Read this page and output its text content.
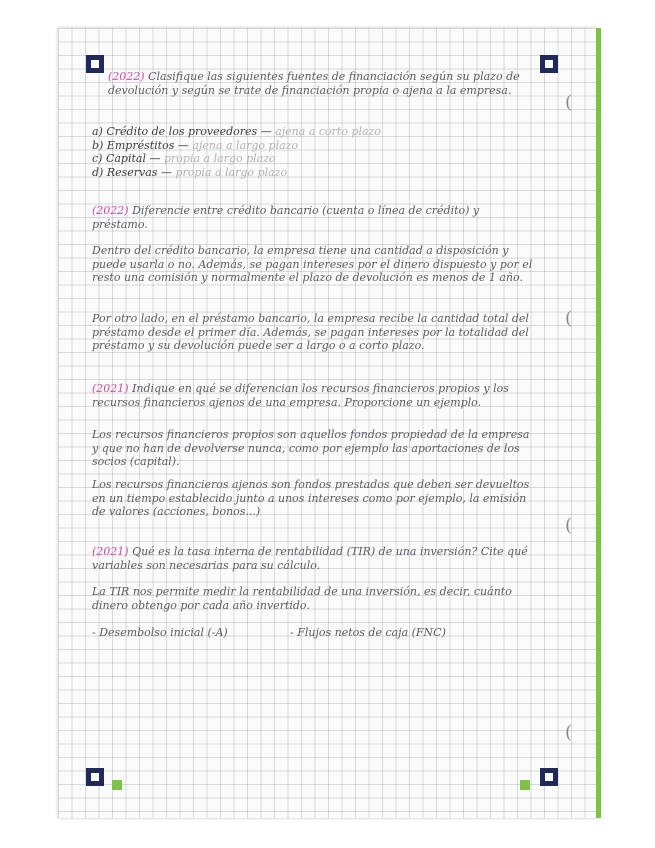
(
(
(
(
(2022) Clasifique las siguientes fuentes de financiación según su plazo de devolución y según se trate de financiación propia o ajena a la empresa.
a) Crédito de los proveedores — ajena a corto plazo
b) Empréstitos — ajena a largo plazo
c) Capital — propia a largo plazo
d) Reservas — propia a largo plazo
(2022) Diferencie entre crédito bancario (cuenta o línea de crédito) y préstamo.
Dentro del crédito bancario, la empresa tiene una cantidad a disposición y puede usarla o no. Además, se pagan intereses por el dinero dispuesto y por el resto una comisión y normalmente el plazo de devolución es menos de 1 año.
Por otro lado, en el préstamo bancario, la empresa recibe la cantidad total del préstamo desde el primer día. Además, se pagan intereses por la totalidad del préstamo y su devolución puede ser a largo o a corto plazo.
(2021) Indique en qué se diferencian los recursos financieros propios y los recursos financieros ajenos de una empresa. Proporcione un ejemplo.
Los recursos financieros propios son aquellos fondos propiedad de la empresa y que no han de devolverse nunca, como por ejemplo las aportaciones de los socios (capital).
Los recursos financieros ajenos son fondos prestados que deben ser devueltos en un tiempo establecido junto a unos intereses como por ejemplo, la emisión de valores (acciones, bonos...)
(2021) Qué es la tasa interna de rentabilidad (TIR) de una inversión? Cite qué variables son necesarias para su cálculo.
La TIR nos permite medir la rentabilidad de una inversión, es decir, cuánto dinero obtengo por cada año invertido.
- Desembolso inicial (-A)	- Flujos netos de caja (FNC)
